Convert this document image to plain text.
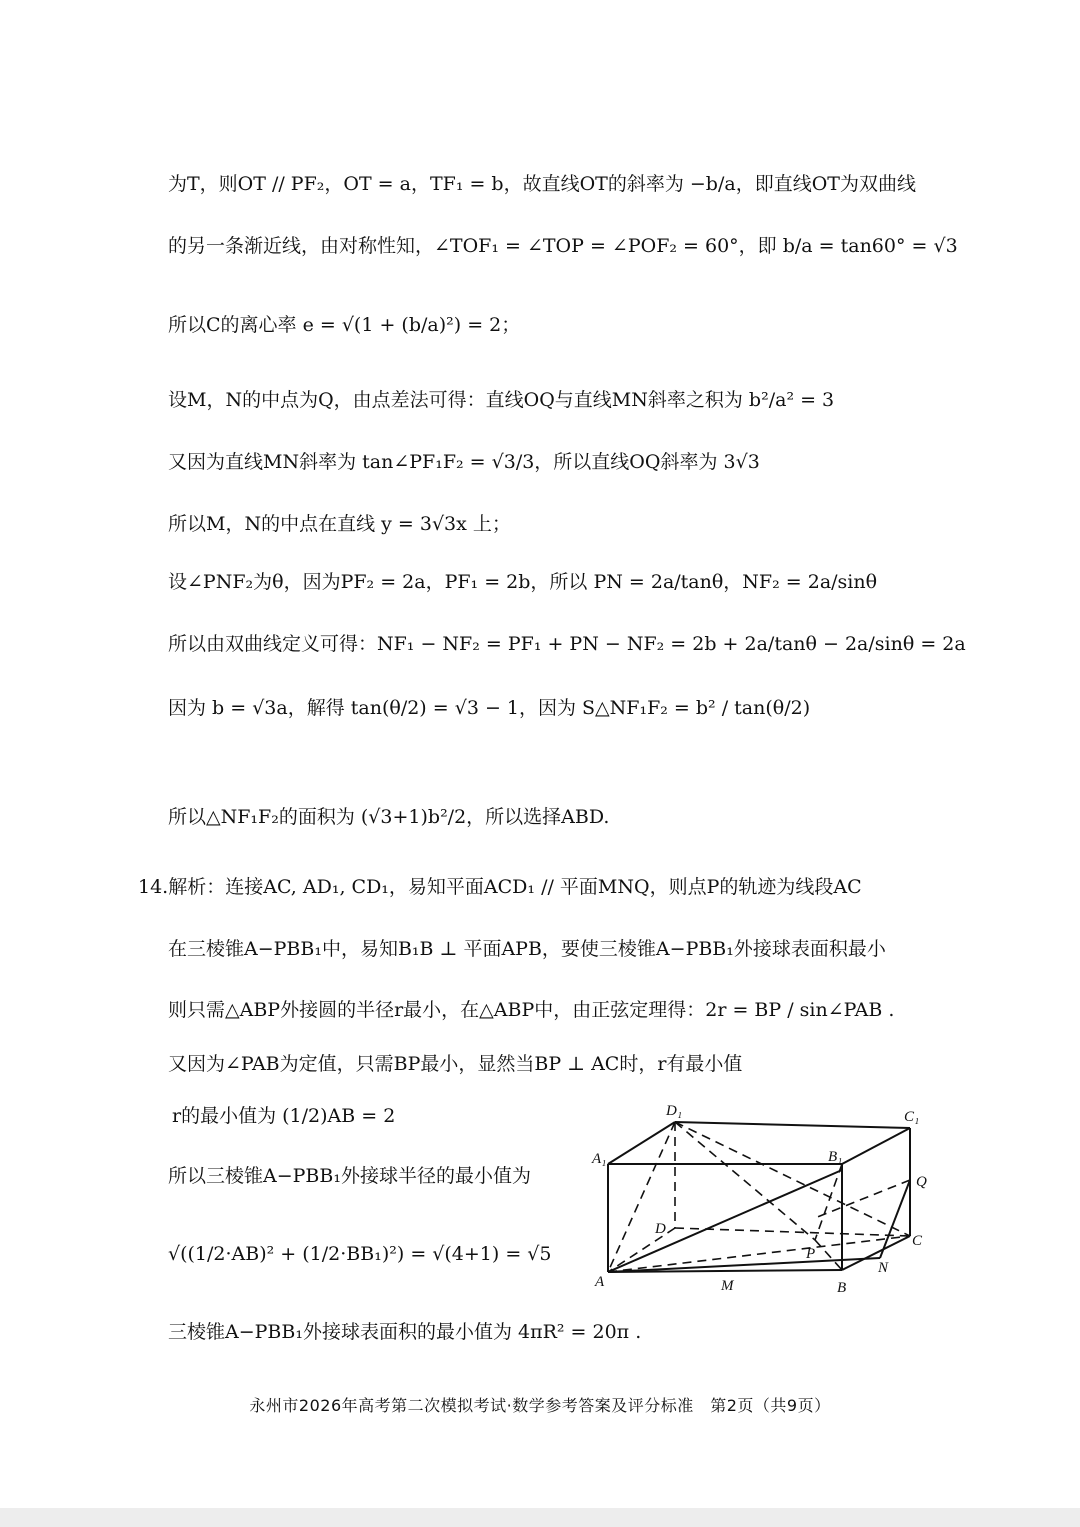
为T，则OT // PF₂，OT = a，TF₁ = b，故直线OT的斜率为 −b/a，即直线OT为双曲线
的另一条渐近线，由对称性知，∠TOF₁ = ∠TOP = ∠POF₂ = 60°，即 b/a = tan60° = √3
所以C的离心率 e = √(1 + (b/a)²) = 2；
设M，N的中点为Q，由点差法可得：直线OQ与直线MN斜率之积为 b²/a² = 3
又因为直线MN斜率为 tan∠PF₁F₂ = √3/3，所以直线OQ斜率为 3√3
所以M，N的中点在直线 y = 3√3x 上；
设∠PNF₂为θ，因为PF₂ = 2a，PF₁ = 2b，所以 PN = 2a/tanθ，NF₂ = 2a/sinθ
所以由双曲线定义可得：NF₁ − NF₂ = PF₁ + PN − NF₂ = 2b + 2a/tanθ − 2a/sinθ = 2a
因为 b = √3a，解得 tan(θ/2) = √3 − 1，因为 S△NF₁F₂ = b² / tan(θ/2)
所以△NF₁F₂的面积为 (√3+1)b²/2，所以选择ABD.
14.解析：连接AC, AD₁, CD₁，易知平面ACD₁ // 平面MNQ，则点P的轨迹为线段AC
在三棱锥A−PBB₁中，易知B₁B ⊥ 平面APB，要使三棱锥A−PBB₁外接球表面积最小
则只需△ABP外接圆的半径r最小，在△ABP中，由正弦定理得：2r = BP / sin∠PAB .
又因为∠PAB为定值，只需BP最小，显然当BP ⊥ AC时，r有最小值
r的最小值为 (1/2)AB = 2
所以三棱锥A−PBB₁外接球半径的最小值为
√((1/2·AB)² + (1/2·BB₁)²) = √(4+1) = √5
三棱锥A−PBB₁外接球表面积的最小值为 4πR² = 20π .
D₁	C₁
A₁	B₁
Q
D
C
P
N
A	M	B
永州市2026年高考第二次模拟考试·数学参考答案及评分标准　第2页（共9页）
